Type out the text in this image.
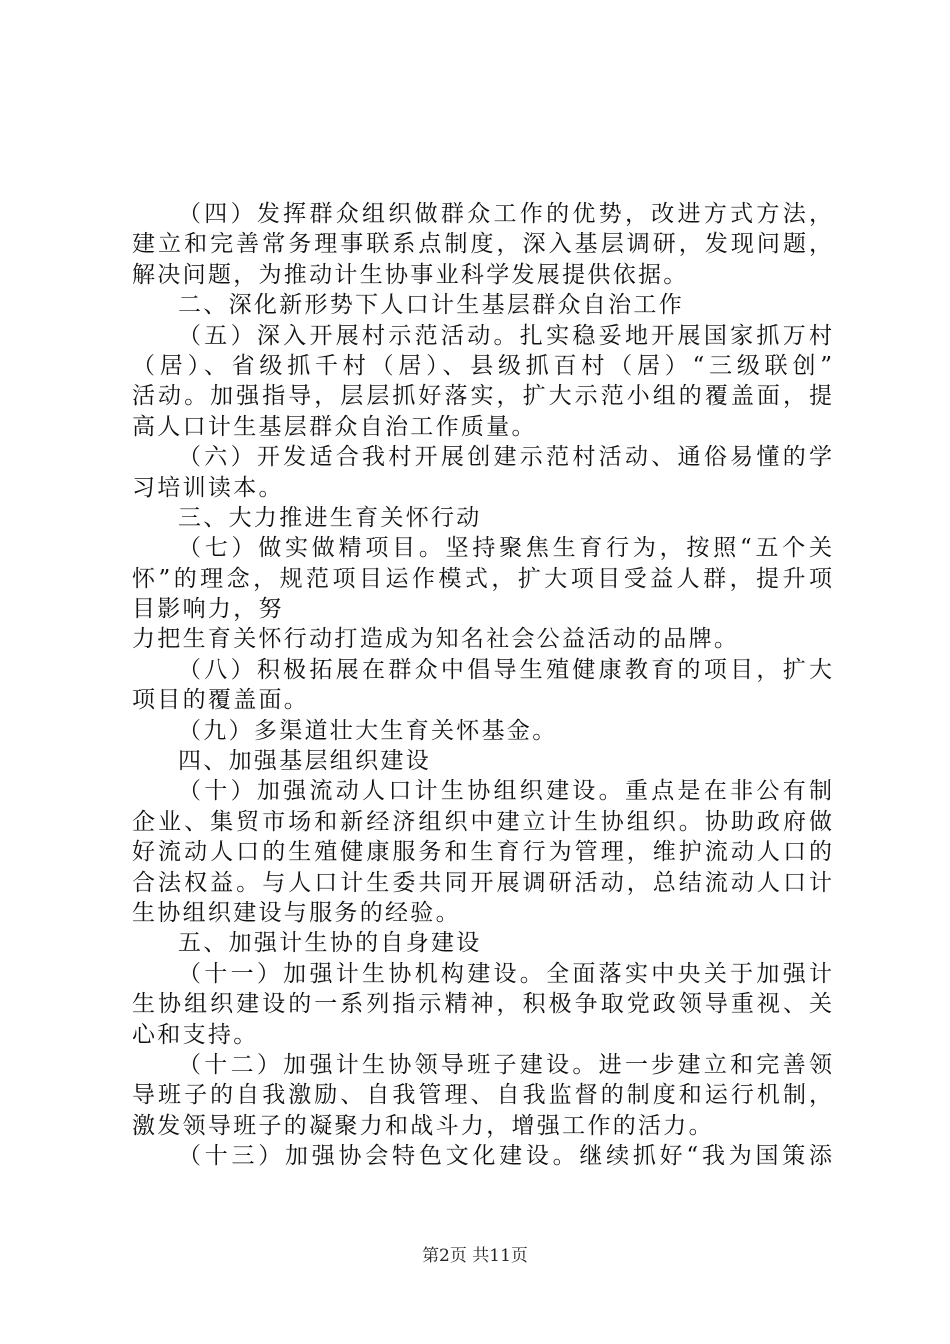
（四）发挥群众组织做群众工作的优势，改进方式方法，
建立和完善常务理事联系点制度，深入基层调研，发现问题，
解决问题，为推动计生协事业科学发展提供依据。
二、深化新形势下人口计生基层群众自治工作
（五）深入开展村示范活动。扎实稳妥地开展国家抓万村
（居）、省级抓千村（居）、县级抓百村（居）“三级联创”
活动。加强指导，层层抓好落实，扩大示范小组的覆盖面，提
高人口计生基层群众自治工作质量。
（六）开发适合我村开展创建示范村活动、通俗易懂的学
习培训读本。
三、大力推进生育关怀行动
（七）做实做精项目。坚持聚焦生育行为，按照“五个关
怀”的理念，规范项目运作模式，扩大项目受益人群，提升项
目影响力，努
力把生育关怀行动打造成为知名社会公益活动的品牌。
（八）积极拓展在群众中倡导生殖健康教育的项目，扩大
项目的覆盖面。
（九）多渠道壮大生育关怀基金。
四、加强基层组织建设
（十）加强流动人口计生协组织建设。重点是在非公有制
企业、集贸市场和新经济组织中建立计生协组织。协助政府做
好流动人口的生殖健康服务和生育行为管理，维护流动人口的
合法权益。与人口计生委共同开展调研活动，总结流动人口计
生协组织建设与服务的经验。
五、加强计生协的自身建设
（十一）加强计生协机构建设。全面落实中央关于加强计
生协组织建设的一系列指示精神，积极争取党政领导重视、关
心和支持。
（十二）加强计生协领导班子建设。进一步建立和完善领
导班子的自我激励、自我管理、自我监督的制度和运行机制，
激发领导班子的凝聚力和战斗力，增强工作的活力。
（十三）加强协会特色文化建设。继续抓好“我为国策添
第2页 共11页
